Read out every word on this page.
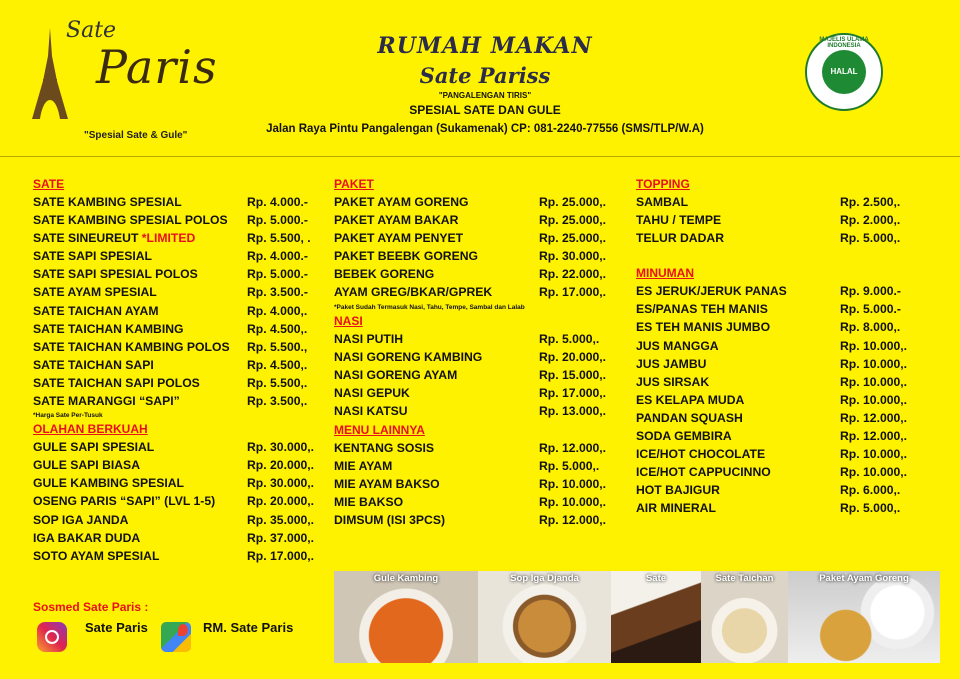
Sate
Paris
"Spesial Sate & Gule"
RUMAH MAKAN
Sate Pariss
"PANGALENGAN TIRIS"
SPESIAL SATE DAN GULE
Jalan Raya Pintu Pangalengan (Sukamenak) CP: 081-2240-77556 (SMS/TLP/W.A)
MAJELIS ULAMA INDONESIA
HALAL
SATE
SATE KAMBING SPESIAL	Rp. 4.000.-
SATE KAMBING SPESIAL POLOS Rp. 5.000.-
SATE SINEUREUT *LIMITED	Rp. 5.500, .
SATE SAPI SPESIAL	Rp. 4.000.-
SATE SAPI SPESIAL POLOS	Rp. 5.000.-
SATE AYAM SPESIAL	Rp. 3.500.-
SATE TAICHAN AYAM	Rp. 4.000,.
SATE TAICHAN KAMBING	Rp. 4.500,.
SATE TAICHAN KAMBING POLOS Rp. 5.500.,
SATE TAICHAN SAPI	Rp. 4.500,.
SATE TAICHAN SAPI POLOS	Rp. 5.500,.
SATE MARANGGI “SAPI”	Rp. 3.500,.
*Harga Sate Per-Tusuk
OLAHAN BERKUAH
GULE SAPI SPESIAL	Rp. 30.000,.
GULE SAPI BIASA	Rp. 20.000,.
GULE KAMBING SPESIAL	Rp. 30.000,.
OSENG PARIS “SAPI” (LVL 1-5)	Rp. 20.000,.
SOP IGA JANDA	Rp. 35.000,.
IGA BAKAR DUDA	Rp. 37.000,.
SOTO AYAM SPESIAL	Rp. 17.000,.
PAKET
PAKET AYAM GORENG	Rp. 25.000,.
PAKET AYAM BAKAR	Rp. 25.000,.
PAKET AYAM PENYET	Rp. 25.000,.
PAKET BEEBK GORENG	Rp. 30.000,.
BEBEK GORENG	Rp. 22.000,.
AYAM GREG/BKAR/GPREK	Rp. 17.000,.
*Paket Sudah Termasuk Nasi, Tahu, Tempe, Sambal dan Lalab
NASI
NASI PUTIH	Rp. 5.000,.
NASI GORENG KAMBING	Rp. 20.000,.
NASI GORENG AYAM	Rp. 15.000,.
NASI GEPUK	Rp. 17.000,.
NASI KATSU	Rp. 13.000,.
MENU LAINNYA
KENTANG SOSIS	Rp. 12.000,.
MIE AYAM	Rp. 5.000,.
MIE AYAM BAKSO	Rp. 10.000,.
MIE BAKSO	Rp. 10.000,.
DIMSUM (ISI 3PCS)	Rp. 12.000,.
TOPPING
SAMBAL	Rp. 2.500,.
TAHU / TEMPE	Rp. 2.000,.
TELUR DADAR	Rp. 5.000,.
MINUMAN
ES JERUK/JERUK PANAS	Rp. 9.000.-
ES/PANAS TEH MANIS	Rp. 5.000.-
ES TEH MANIS JUMBO	Rp. 8.000,.
JUS MANGGA	Rp. 10.000,.
JUS JAMBU	Rp. 10.000,.
JUS SIRSAK	Rp. 10.000,.
ES KELAPA MUDA	Rp. 10.000,.
PANDAN SQUASH	Rp. 12.000,.
SODA GEMBIRA	Rp. 12.000,.
ICE/HOT CHOCOLATE	Rp. 10.000,.
ICE/HOT CAPPUCINNO	Rp. 10.000,.
HOT BAJIGUR	Rp. 6.000,.
AIR MINERAL	Rp. 5.000,.
Sosmed Sate Paris :
Sate Paris	RM. Sate Paris
Gule Kambing	Sop Iga Djanda	Sate	Sate Taichan	Paket Ayam Goreng
